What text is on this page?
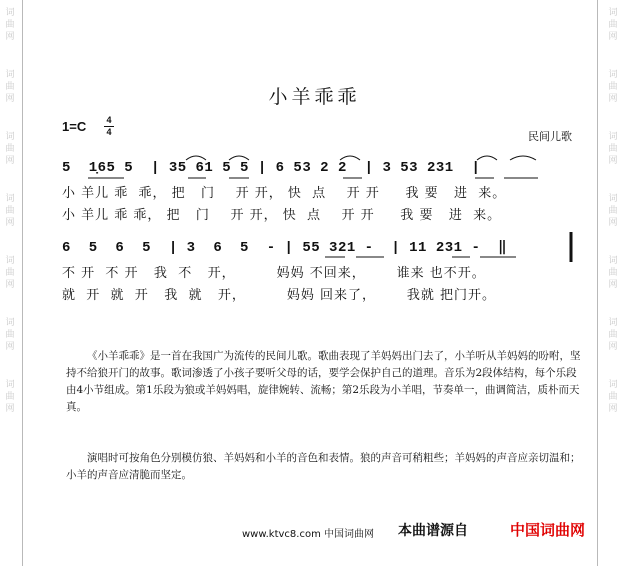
词
曲
网
词
曲
网
词
曲
网
词
曲
网
词
曲
网
词
曲
网
词
曲
网
词
曲
网
词
曲
网
词
曲
网
词
曲
网
词
曲
网
词
曲
网
词
曲
网
小羊乖乖
1=C 4
4	民间儿歌
5  1̣65 5  | 35 61 5 5 | 6 53 2 2  | 3 53 231  |
小 羊儿 乖  乖， 把   门    开 开， 快  点    开 开     我 要   进  来。
小 羊儿 乖 乖， 把   门    开 开， 快  点    开 开     我 要   进  来。
6  5  6  5  | 3  6  5  - | 55 321 -  | 11 231 -  ‖
不 开  不 开   我  不   开，        妈妈 不回来，      谁来 也不开。
就  开  就  开   我  就   开，        妈妈 回来了，      我就 把门开。
《小羊乖乖》是一首在我国广为流传的民间儿歌。歌曲表现了羊妈妈出门去了，小羊听从羊妈妈的吩咐，坚持不给狼开门的故事。歌词渗透了小孩子要听父母的话，要学会保护自己的道理。音乐为2段体结构，每个乐段由4小节组成。第1乐段为狼或羊妈妈唱，旋律婉转、流畅；第2乐段为小羊唱，节奏单一，曲调简洁，质朴而天真。
演唱时可按角色分别模仿狼、羊妈妈和小羊的音色和表情。狼的声音可稍粗些；羊妈妈的声音应亲切温和；小羊的声音应清脆而坚定。
www.ktvc8.com 中国词曲网 本曲谱源自	中国词曲网
